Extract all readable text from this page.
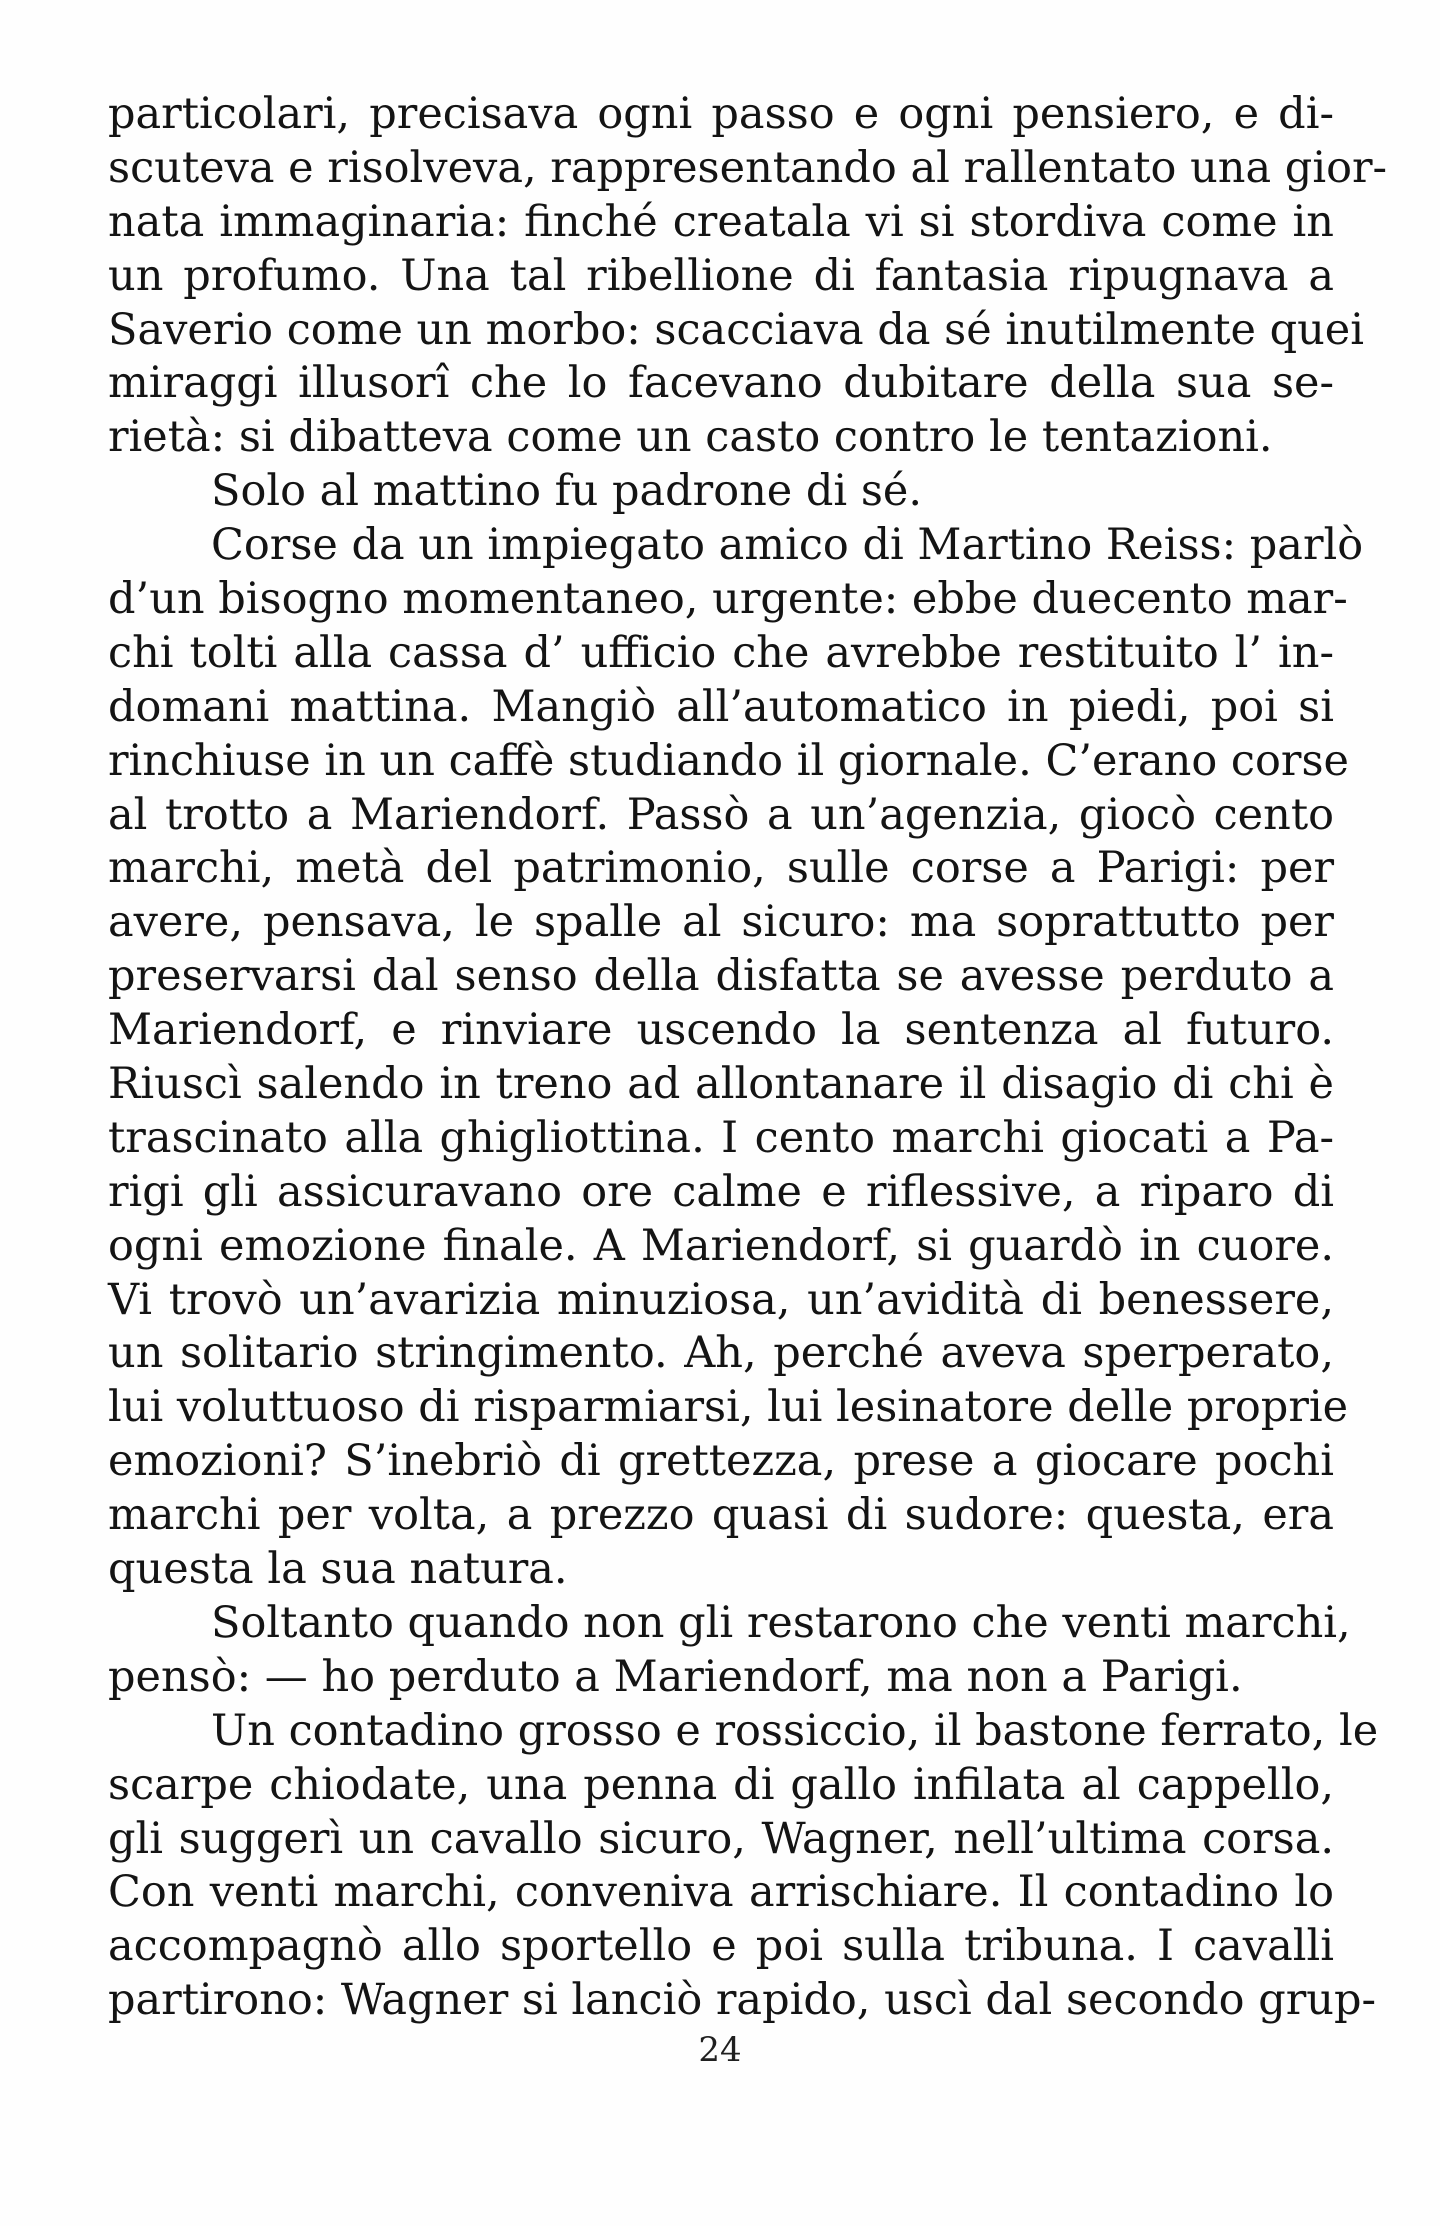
particolari, precisava ogni passo e ogni pensiero, e di-
scuteva e risolveva, rappresentando al rallentato una gior-
nata immaginaria: finché creatala vi si stordiva come in
un profumo. Una tal ribellione di fantasia ripugnava a
Saverio come un morbo: scacciava da sé inutilmente quei
miraggi illusorî che lo facevano dubitare della sua se-
rietà: si dibatteva come un casto contro le tentazioni.
Solo al mattino fu padrone di sé.
Corse da un impiegato amico di Martino Reiss: parlò
d’un bisogno momentaneo, urgente: ebbe duecento mar-
chi tolti alla cassa d’ ufficio che avrebbe restituito l’ in-
domani mattina. Mangiò all’automatico in piedi, poi si
rinchiuse in un caffè studiando il giornale. C’erano corse
al trotto a Mariendorf. Passò a un’agenzia, giocò cento
marchi, metà del patrimonio, sulle corse a Parigi: per
avere, pensava, le spalle al sicuro: ma soprattutto per
preservarsi dal senso della disfatta se avesse perduto a
Mariendorf, e rinviare uscendo la sentenza al futuro.
Riuscì salendo in treno ad allontanare il disagio di chi è
trascinato alla ghigliottina. I cento marchi giocati a Pa-
rigi gli assicuravano ore calme e riflessive, a riparo di
ogni emozione finale. A Mariendorf, si guardò in cuore.
Vi trovò un’avarizia minuziosa, un’avidità di benessere,
un solitario stringimento. Ah, perché aveva sperperato,
lui voluttuoso di risparmiarsi, lui lesinatore delle proprie
emozioni? S’inebriò di grettezza, prese a giocare pochi
marchi per volta, a prezzo quasi di sudore: questa, era
questa la sua natura.
Soltanto quando non gli restarono che venti marchi,
pensò: — ho perduto a Mariendorf, ma non a Parigi.
Un contadino grosso e rossiccio, il bastone ferrato, le
scarpe chiodate, una penna di gallo infilata al cappello,
gli suggerì un cavallo sicuro, Wagner, nell’ultima corsa.
Con venti marchi, conveniva arrischiare. Il contadino lo
accompagnò allo sportello e poi sulla tribuna. I cavalli
partirono: Wagner si lanciò rapido, uscì dal secondo grup-
24
